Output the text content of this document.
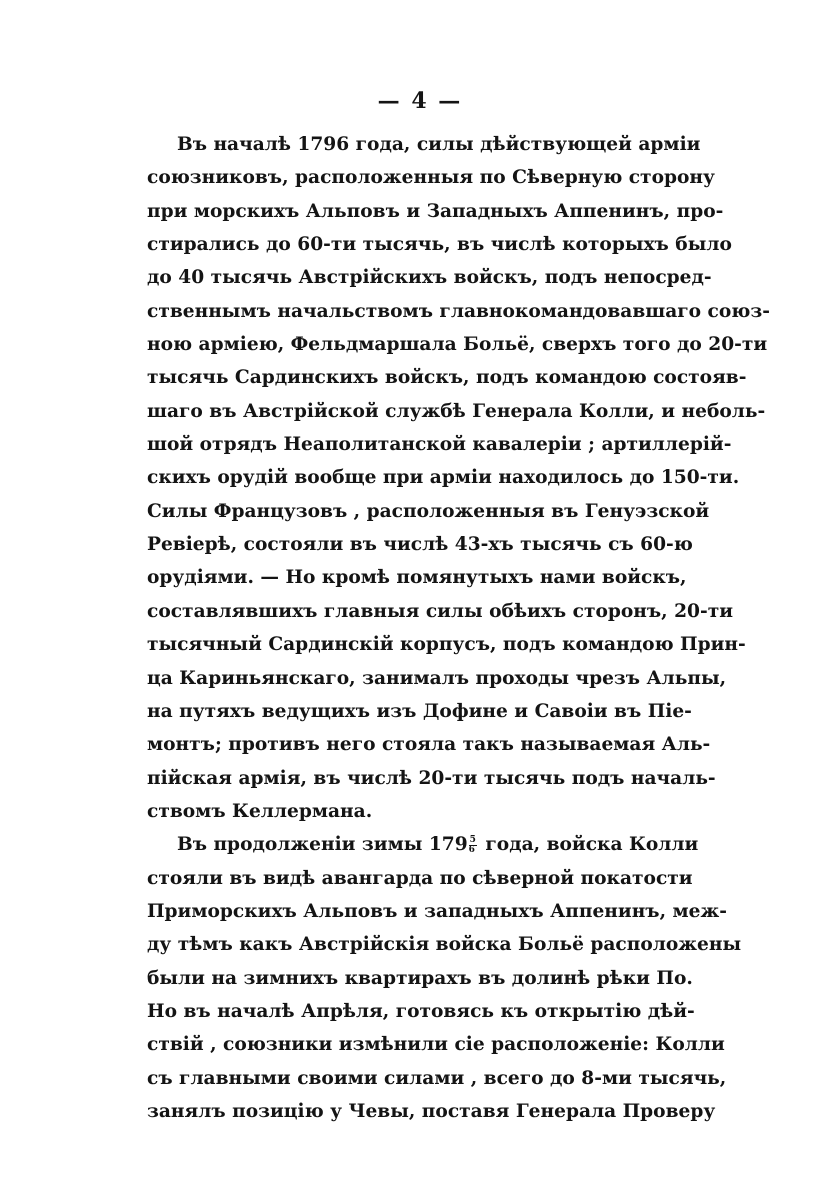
— 4 —
Въ началѣ 1796 года, силы дѣйствующей арміи
союзниковъ, расположенныя по Сѣверную сторону
при морскихъ Альповъ и Западныхъ Аппенинъ, про-
стирались до 60-ти тысячь, въ числѣ которыхъ было
до 40 тысячь Австрійскихъ войскъ, подъ непосред-
ственнымъ начальствомъ главнокомандовавшаго союз-
ною арміею, Фельдмаршала Больё, сверхъ того до 20-ти
тысячь Сардинскихъ войскъ, подъ командою состояв-
шаго въ Австрійской службѣ Генерала Колли, и неболь-
шой отрядъ Неаполитанской кавалеріи ; артиллерій-
скихъ орудій вообще при арміи находилось до 150-ти.
Силы Французовъ , расположенныя въ Генуэзской
Ревіерѣ, состояли въ числѣ 43-хъ тысячь съ 60-ю
орудіями. — Но кромѣ помянутыхъ нами войскъ,
составлявшихъ главныя силы обѣихъ сторонъ, 20-ти
тысячный Сардинскій корпусъ, подъ командою Прин-
ца Кариньянскаго, занималъ проходы чрезъ Альпы,
на путяхъ ведущихъ изъ Дофине и Савоіи въ Піе-
монтъ; противъ него стояла такъ называемая Аль-
пійская армія, въ числѣ 20-ти тысячь подъ началь-
ствомъ Келлермана.
Въ продолженіи зимы $179 \frac{5}{6}$ года, войска Колли
стояли въ видѣ авангарда по сѣверной покатости
Приморскихъ Альповъ и западныхъ Аппенинъ, меж-
ду тѣмъ какъ Австрійскія войска Больё расположены
были на зимнихъ квартирахъ въ долинѣ рѣки По.
Но въ началѣ Апрѣля, готовясь къ открытію дѣй-
ствій , союзники измѣнили сіе расположеніе: Колли
съ главными своими силами , всего до 8-ми тысячь,
занялъ позицію у Чевы, поставя Генерала Проверу
